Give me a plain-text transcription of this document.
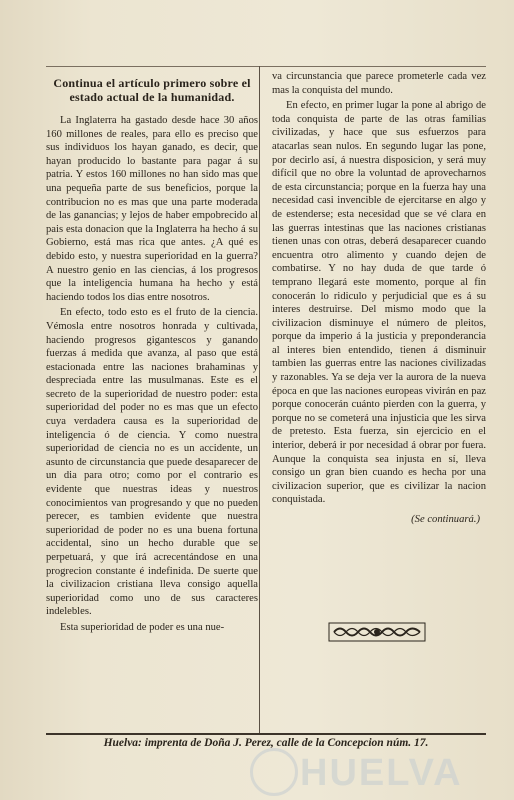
Continua el artículo primero sobre el estado actual de la humanidad.

La Inglaterra ha gastado desde hace 30 años 160 millones de reales, para ello es preciso que sus individuos los hayan ganado, es decir, que hayan producido lo bastante para pagar á su patria. Y estos 160 millones no han sido mas que una pequeña parte de sus beneficios, porque la contribucion no es mas que una parte moderada de las ganancias; y lejos de haber empobrecido al pais esta donacion que la Inglaterra ha hecho á su Gobierno, está mas rica que antes. ¿A qué es debido esto, y nuestra superioridad en la guerra? A nuestro genio en las ciencias, á los progresos que la inteligencia humana ha hecho y está haciendo todos los dias entre nosotros.

En efecto, todo esto es el fruto de la ciencia. Vémosla entre nosotros honrada y cultivada, haciendo progresos gigantescos y ganando fuerzas á medida que avanza, al paso que está estacionada entre las naciones brahaminas y despreciada entre las musulmanas. Este es el secreto de la superioridad de nuestro poder: esta superioridad del poder no es mas que un efecto cuya verdadera causa es la superioridad de inteligencia ó de ciencia. Y como nuestra superioridad de ciencia no es un accidente, un asunto de circunstancia que puede desaparecer de un dia para otro; como por el contrario es evidente que nuestras ideas y nuestros conocimientos van progresando y que no pueden perecer, es tambien evidente que nuestra superioridad de poder no es una buena fortuna accidental, sino un hecho durable que se perpetuará, y que irá acrecentándose en una progrecion constante é indefinida. De suerte que la civilizacion cristiana lleva consigo aquella superioridad como uno de sus caracteres indelebles.

Esta superioridad de poder es una nue-

va circunstancia que parece prometerle cada vez mas la conquista del mundo.

En efecto, en primer lugar la pone al abrigo de toda conquista de parte de las otras familias civilizadas, y hace que sus esfuerzos para atacarlas sean nulos. En segundo lugar las pone, por decirlo así, á nuestra disposicion, y será muy difícil que no obre la voluntad de aprovecharnos de esta circunstancia; porque en la fuerza hay una necesidad casi invencible de ejercitarse en algo y de estenderse; esta necesidad que se vé clara en las guerras intestinas que las naciones cristianas tienen unas con otras, deberá desaparecer cuando encuentra otro alimento y cuando dejen de combatirse. Y no hay duda de que tarde ó temprano llegará este momento, porque al fin conocerán lo ridiculo y perjudicial que es á su interes destruirse. Del mismo modo que la civilizacion disminuye el número de pleitos, porque da imperio á la justicia y preponderancia al interes bien entendido, tienen á disminuir tambien las guerras entre las naciones civilizadas y razonables. Ya se deja ver la aurora de la nueva época en que las naciones europeas vivirán en paz porque conocerán cuánto pierden con la guerra, y porque no se cometerá una injusticia que les sirva de pretesto. Esta fuerza, sin ejercicio en el interior, deberá ir por necesidad á obrar por fuera. Aunque la conquista sea injusta en sí, lleva consigo un gran bien cuando es hecha por una civilizacion superior, que es civilizar la nacion conquistada.

(Se continuará.)
Huelva: imprenta de Doña J. Perez, calle de la Concepcion núm. 17.
HUELVA
